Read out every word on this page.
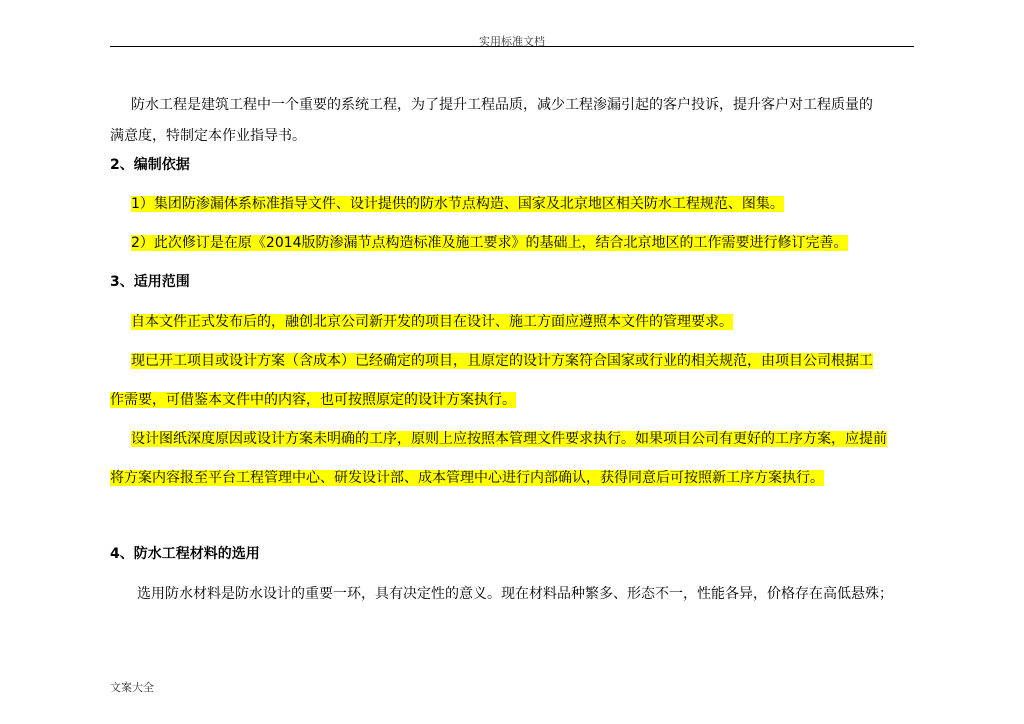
实用标准文档
防水工程是建筑工程中一个重要的系统工程，为了提升工程品质，减少工程渗漏引起的客户投诉，提升客户对工程质量的
满意度，特制定本作业指导书。
2、编制依据
1）集团防渗漏体系标准指导文件、设计提供的防水节点构造、国家及北京地区相关防水工程规范、图集。
2）此次修订是在原《2014版防渗漏节点构造标准及施工要求》的基础上，结合北京地区的工作需要进行修订完善。
3、适用范围
自本文件正式发布后的，融创北京公司新开发的项目在设计、施工方面应遵照本文件的管理要求。
现已开工项目或设计方案（含成本）已经确定的项目，且原定的设计方案符合国家或行业的相关规范，由项目公司根据工
作需要，可借鉴本文件中的内容，也可按照原定的设计方案执行。
设计图纸深度原因或设计方案未明确的工序，原则上应按照本管理文件要求执行。如果项目公司有更好的工序方案，应提前
将方案内容报至平台工程管理中心、研发设计部、成本管理中心进行内部确认，获得同意后可按照新工序方案执行。
4、防水工程材料的选用
选用防水材料是防水设计的重要一环，具有决定性的意义。现在材料品种繁多、形态不一，性能各异，价格存在高低悬殊；
文案大全
